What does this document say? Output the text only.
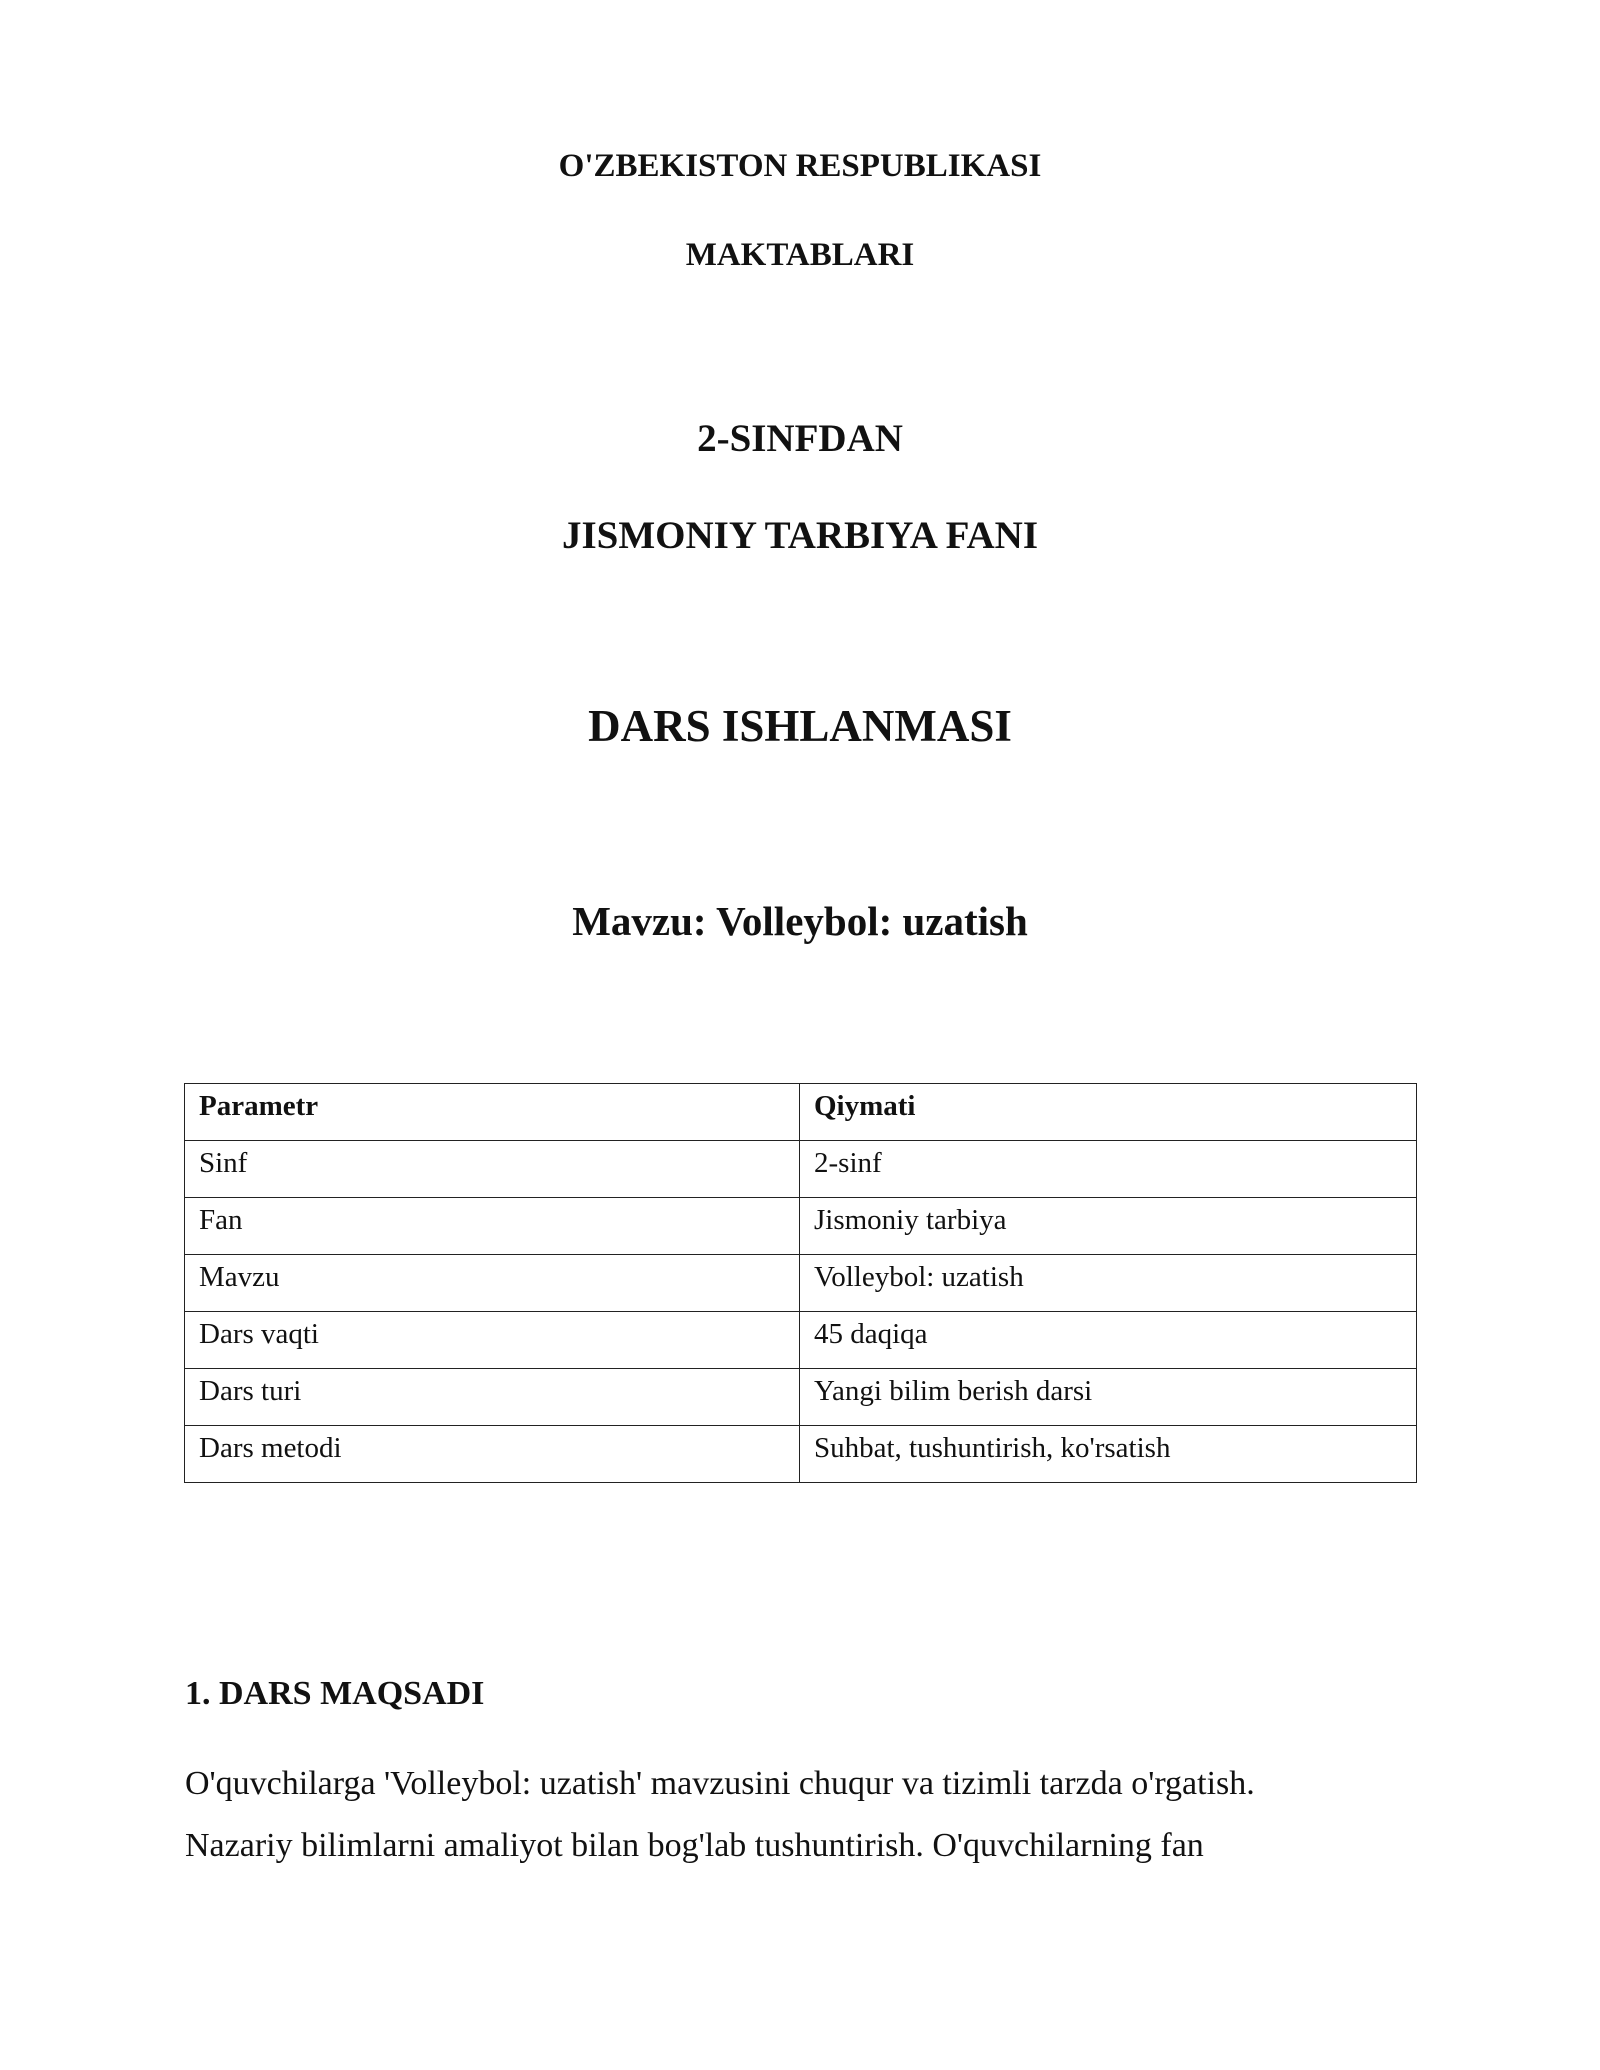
O'ZBEKISTON RESPUBLIKASI
MAKTABLARI
2-SINFDAN
JISMONIY TARBIYA FANI
DARS ISHLANMASI
Mavzu: Volleybol: uzatish
Parametr	Qiymati
Sinf	2-sinf
Fan	Jismoniy tarbiya
Mavzu	Volleybol: uzatish
Dars vaqti	45 daqiqa
Dars turi	Yangi bilim berish darsi
Dars metodi	Suhbat, tushuntirish, ko'rsatish
1. DARS MAQSADI
O'quvchilarga 'Volleybol: uzatish' mavzusini chuqur va tizimli tarzda o'rgatish.
Nazariy bilimlarni amaliyot bilan bog'lab tushuntirish. O'quvchilarning fan
